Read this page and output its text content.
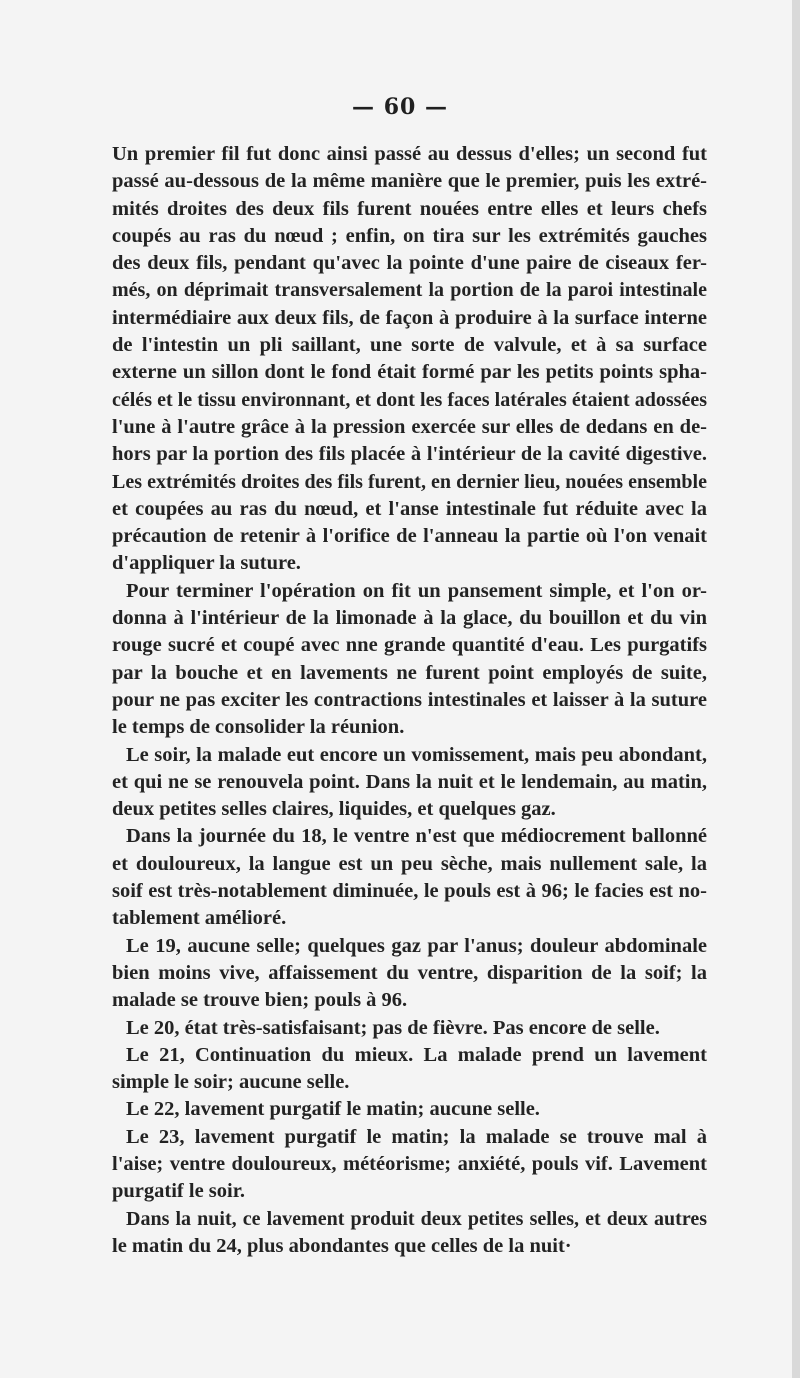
— 60 —
Un premier fil fut donc ainsi passé au dessus d'elles; un second fut
passé au-dessous de la même manière que le premier, puis les extré-
mités droites des deux fils furent nouées entre elles et leurs chefs
coupés au ras du nœud ; enfin, on tira sur les extrémités gauches
des deux fils, pendant qu'avec la pointe d'une paire de ciseaux fer-
més, on déprimait transversalement la portion de la paroi intestinale
intermédiaire aux deux fils, de façon à produire à la surface interne
de l'intestin un pli saillant, une sorte de valvule, et à sa surface
externe un sillon dont le fond était formé par les petits points spha-
célés et le tissu environnant, et dont les faces latérales étaient adossées
l'une à l'autre grâce à la pression exercée sur elles de dedans en de-
hors par la portion des fils placée à l'intérieur de la cavité digestive.
Les extrémités droites des fils furent, en dernier lieu, nouées ensemble
et coupées au ras du nœud, et l'anse intestinale fut réduite avec la
précaution de retenir à l'orifice de l'anneau la partie où l'on venait
d'appliquer la suture.
Pour terminer l'opération on fit un pansement simple, et l'on or-
donna à l'intérieur de la limonade à la glace, du bouillon et du vin
rouge sucré et coupé avec nne grande quantité d'eau. Les purgatifs
par la bouche et en lavements ne furent point employés de suite,
pour ne pas exciter les contractions intestinales et laisser à la suture
le temps de consolider la réunion.
Le soir, la malade eut encore un vomissement, mais peu abondant,
et qui ne se renouvela point. Dans la nuit et le lendemain, au matin,
deux petites selles claires, liquides, et quelques gaz.
Dans la journée du 18, le ventre n'est que médiocrement ballonné
et douloureux, la langue est un peu sèche, mais nullement sale, la
soif est très-notablement diminuée, le pouls est à 96; le facies est no-
tablement amélioré.
Le 19, aucune selle; quelques gaz par l'anus; douleur abdominale
bien moins vive, affaissement du ventre, disparition de la soif; la
malade se trouve bien; pouls à 96.
Le 20, état très-satisfaisant; pas de fièvre. Pas encore de selle.
Le 21, Continuation du mieux. La malade prend un lavement
simple le soir; aucune selle.
Le 22, lavement purgatif le matin; aucune selle.
Le 23, lavement purgatif le matin; la malade se trouve mal à
l'aise; ventre douloureux, météorisme; anxiété, pouls vif. Lavement
purgatif le soir.
Dans la nuit, ce lavement produit deux petites selles, et deux autres
le matin du 24, plus abondantes que celles de la nuit·
